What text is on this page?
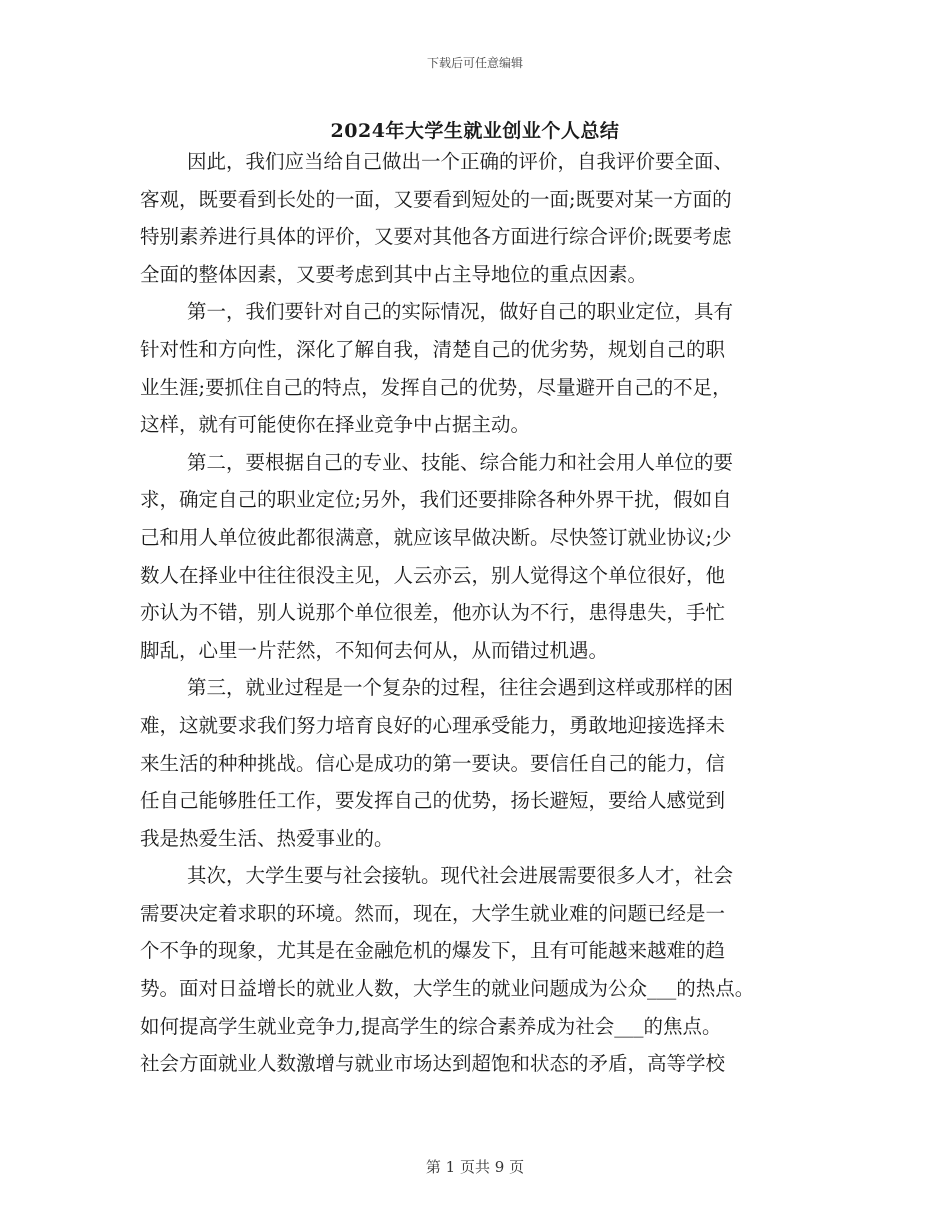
下载后可任意编辑
2024年大学生就业创业个人总结
因此，我们应当给自己做出一个正确的评价，自我评价要全面、
客观，既要看到长处的一面，又要看到短处的一面;既要对某一方面的
特别素养进行具体的评价，又要对其他各方面进行综合评价;既要考虑
全面的整体因素，又要考虑到其中占主导地位的重点因素。
第一，我们要针对自己的实际情况，做好自己的职业定位，具有
针对性和方向性，深化了解自我，清楚自己的优劣势，规划自己的职
业生涯;要抓住自己的特点，发挥自己的优势，尽量避开自己的不足，
这样，就有可能使你在择业竞争中占据主动。
第二，要根据自己的专业、技能、综合能力和社会用人单位的要
求，确定自己的职业定位;另外，我们还要排除各种外界干扰，假如自
己和用人单位彼此都很满意，就应该早做决断。尽快签订就业协议;少
数人在择业中往往很没主见，人云亦云，别人觉得这个单位很好，他
亦认为不错，别人说那个单位很差，他亦认为不行，患得患失，手忙
脚乱，心里一片茫然，不知何去何从，从而错过机遇。
第三，就业过程是一个复杂的过程，往往会遇到这样或那样的困
难，这就要求我们努力培育良好的心理承受能力，勇敢地迎接选择未
来生活的种种挑战。信心是成功的第一要诀。要信任自己的能力，信
任自己能够胜任工作，要发挥自己的优势，扬长避短，要给人感觉到
我是热爱生活、热爱事业的。
其次，大学生要与社会接轨。现代社会进展需要很多人才，社会
需要决定着求职的环境。然而，现在，大学生就业难的问题已经是一
个不争的现象，尤其是在金融危机的爆发下，且有可能越来越难的趋
势。面对日益增长的就业人数，大学生的就业问题成为公众___的热点。
如何提高学生就业竞争力,提高学生的综合素养成为社会___的焦点。
社会方面就业人数激增与就业市场达到超饱和状态的矛盾，高等学校
第 1 页共 9 页
